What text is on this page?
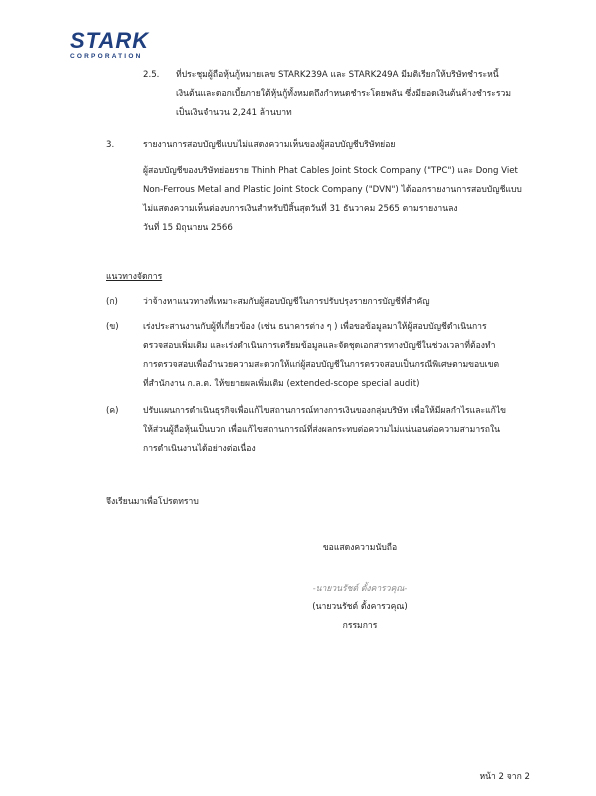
STARK
CORPORATION
2.5. ที่ประชุมผู้ถือหุ้นกู้หมายเลข STARK239A และ STARK249A มีมติเรียกให้บริษัทชำระหนี้
เงินต้นและดอกเบี้ยภายใต้หุ้นกู้ทั้งหมดถึงกำหนดชำระโดยพลัน ซึ่งมียอดเงินต้นค้างชำระรวม
เป็นเงินจำนวน 2,241 ล้านบาท
3.	รายงานการสอบบัญชีแบบไม่แสดงความเห็นของผู้สอบบัญชีบริษัทย่อย
ผู้สอบบัญชีของบริษัทย่อยราย Thinh Phat Cables Joint Stock Company ("TPC") และ Dong Viet
Non-Ferrous Metal and Plastic Joint Stock Company ("DVN") ได้ออกรายงานการสอบบัญชีแบบ
ไม่แสดงความเห็นต่องบการเงินสำหรับปีสิ้นสุดวันที่ 31 ธันวาคม 2565 ตามรายงานลง
วันที่ 15 มิถุนายน 2566
แนวทางจัดการ
(ก)	ว่าจ้างหาแนวทางที่เหมาะสมกับผู้สอบบัญชีในการปรับปรุงรายการบัญชีที่สำคัญ
(ข)	เร่งประสานงานกับผู้ที่เกี่ยวข้อง (เช่น ธนาคารต่าง ๆ ) เพื่อขอข้อมูลมาให้ผู้สอบบัญชีดำเนินการ
ตรวจสอบเพิ่มเติม และเร่งดำเนินการเตรียมข้อมูลและจัดชุดเอกสารทางบัญชีในช่วงเวลาที่ต้องทำ
การตรวจสอบเพื่ออำนวยความสะดวกให้แก่ผู้สอบบัญชีในการตรวจสอบเป็นกรณีพิเศษตามขอบเขต
ที่สำนักงาน ก.ล.ต. ให้ขยายผลเพิ่มเติม (extended-scope special audit)
(ค)	ปรับแผนการดำเนินธุรกิจเพื่อแก้ไขสถานการณ์ทางการเงินของกลุ่มบริษัท เพื่อให้มีผลกำไรและแก้ไข
ให้ส่วนผู้ถือหุ้นเป็นบวก เพื่อแก้ไขสถานการณ์ที่ส่งผลกระทบต่อความไม่แน่นอนต่อความสามารถใน
การดำเนินงานได้อย่างต่อเนื่อง
จึงเรียนมาเพื่อโปรดทราบ
ขอแสดงความนับถือ
-นายวนรัชต์ ตั้งคารวคุณ-
(นายวนรัชต์ ตั้งคารวคุณ)
กรรมการ
หน้า 2 จาก 2
